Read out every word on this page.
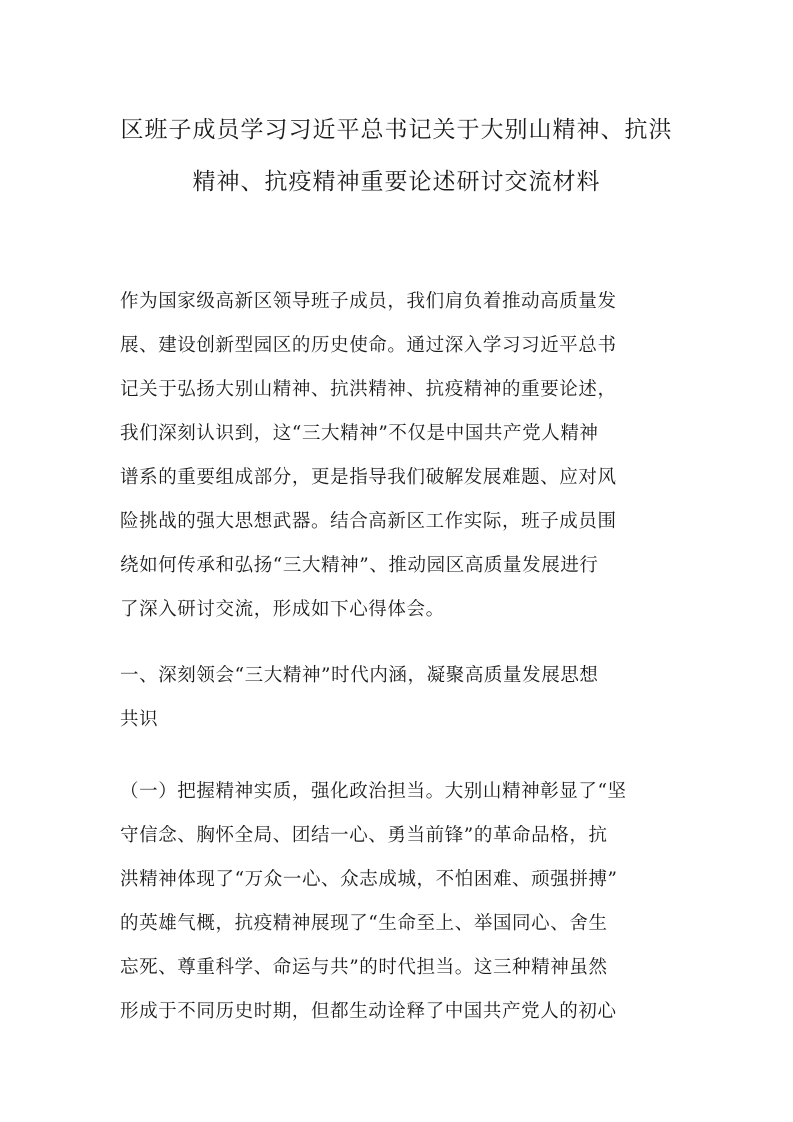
区班子成员学习习近平总书记关于大别山精神、抗洪
精神、抗疫精神重要论述研讨交流材料

作为国家级高新区领导班子成员，我们肩负着推动高质量发
展、建设创新型园区的历史使命。通过深入学习习近平总书
记关于弘扬大别山精神、抗洪精神、抗疫精神的重要论述，
我们深刻认识到，这“三大精神”不仅是中国共产党人精神
谱系的重要组成部分，更是指导我们破解发展难题、应对风
险挑战的强大思想武器。结合高新区工作实际，班子成员围
绕如何传承和弘扬“三大精神”、推动园区高质量发展进行
了深入研讨交流，形成如下心得体会。

一、深刻领会“三大精神”时代内涵，凝聚高质量发展思想
共识

（一）把握精神实质，强化政治担当。大别山精神彰显了“坚
守信念、胸怀全局、团结一心、勇当前锋”的革命品格，抗
洪精神体现了“万众一心、众志成城，不怕困难、顽强拼搏”
的英雄气概，抗疫精神展现了“生命至上、举国同心、舍生
忘死、尊重科学、命运与共”的时代担当。这三种精神虽然
形成于不同历史时期，但都生动诠释了中国共产党人的初心
